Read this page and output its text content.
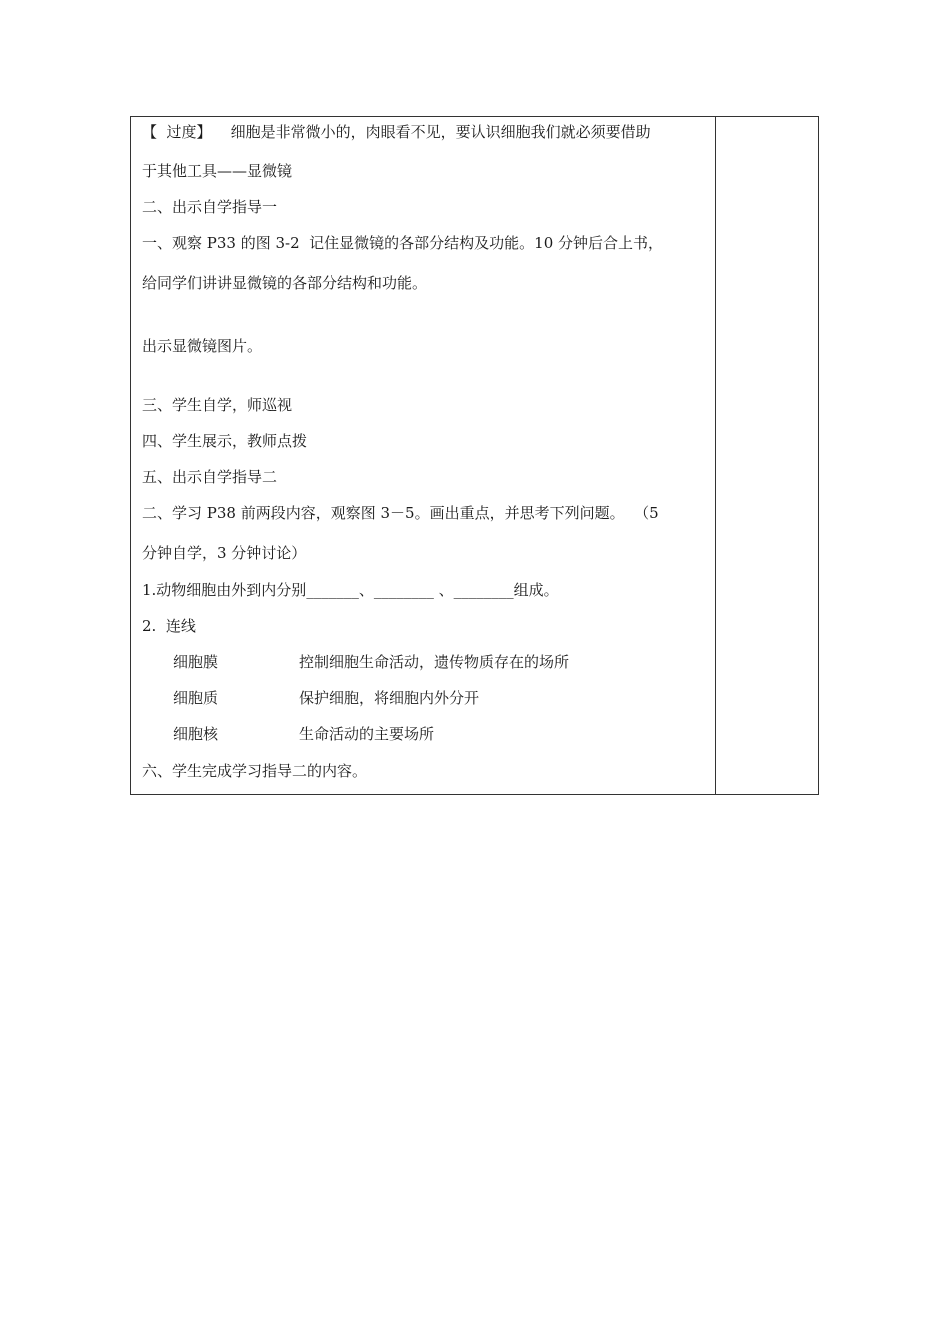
【  过度】 细胞是非常微小的，肉眼看不见，要认识细胞我们就必须要借助
于其他工具——显微镜
二、出示自学指导一
一、观察 P33 的图 3-2  记住显微镜的各部分结构及功能。10 分钟后合上书，
给同学们讲讲显微镜的各部分结构和功能。
出示显微镜图片。
三、学生自学，师巡视
四、学生展示，教师点拨
五、出示自学指导二
二、学习 P38 前两段内容，观察图 3－5。画出重点，并思考下列问题。  （5
分钟自学，3 分钟讨论）
1.动物细胞由外到内分别_______、________ 、________组成。
2.  连线
细胞膜	控制细胞生命活动，遗传物质存在的场所
细胞质	保护细胞，将细胞内外分开
细胞核	生命活动的主要场所
六、学生完成学习指导二的内容。
